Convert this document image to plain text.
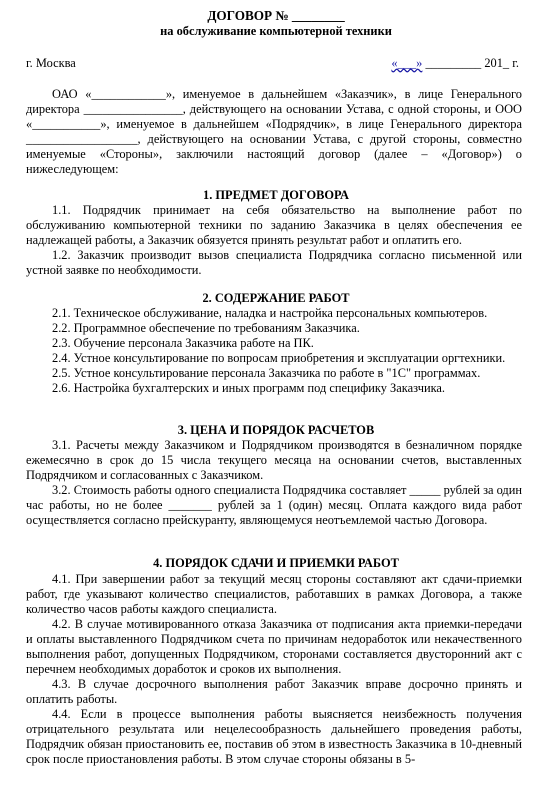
ДОГОВОР № ________
на обслуживание компьютерной техники
г. Москва	«___» _________ 201_ г.

ОАО «____________», именуемое в дальнейшем «Заказчик», в лице Генерального директора ________________, действующего на основании Устава, с одной стороны, и ООО «___________», именуемое в дальнейшем «Подрядчик», в лице Генерального директора __________________, действующего на основании Устава, с другой стороны, совместно именуемые «Стороны», заключили настоящий договор (далее – «Договор») о нижеследующем:

1. ПРЕДМЕТ ДОГОВОРА

1.1. Подрядчик принимает на себя обязательство на выполнение работ по обслуживанию компьютерной техники по заданию Заказчика в целях обеспечения ее надлежащей работы, а Заказчик обязуется принять результат работ и оплатить его.

1.2. Заказчик производит вызов специалиста Подрядчика согласно письменной или устной заявке по необходимости.

2. СОДЕРЖАНИЕ РАБОТ

2.1. Техническое обслуживание, наладка и настройка персональных компьютеров.

2.2. Программное обеспечение по требованиям Заказчика.

2.3. Обучение персонала Заказчика работе на ПК.

2.4. Устное консультирование по вопросам приобретения и эксплуатации оргтехники.

2.5. Устное консультирование персонала Заказчика по работе в "1С" программах.

2.6. Настройка бухгалтерских и иных программ под специфику Заказчика.

3. ЦЕНА И ПОРЯДОК РАСЧЕТОВ

3.1. Расчеты между Заказчиком и Подрядчиком производятся в безналичном порядке ежемесячно в срок до 15 числа текущего месяца на основании счетов, выставленных Подрядчиком и согласованных с Заказчиком.

3.2. Стоимость работы одного специалиста Подрядчика составляет _____ рублей за один час работы, но не более _______ рублей за 1 (один) месяц. Оплата каждого вида работ осуществляется согласно прейскуранту, являющемуся неотъемлемой частью Договора.

4. ПОРЯДОК СДАЧИ И ПРИЕМКИ РАБОТ

4.1. При завершении работ за текущий месяц стороны составляют акт сдачи-приемки работ, где указывают количество специалистов, работавших в рамках Договора, а также количество часов работы каждого специалиста.

4.2. В случае мотивированного отказа Заказчика от подписания акта приемки-передачи и оплаты выставленного Подрядчиком счета по причинам недоработок или некачественного выполнения работ, допущенных Подрядчиком, сторонами составляется двусторонний акт с перечнем необходимых доработок и сроков их выполнения.

4.3. В случае досрочного выполнения работ Заказчик вправе досрочно принять и оплатить работы.

4.4. Если в процессе выполнения работы выясняется неизбежность получения отрицательного результата или нецелесообразность дальнейшего проведения работы, Подрядчик обязан приостановить ее, поставив об этом в известность Заказчика в 10-дневный срок после приостановления работы. В этом случае стороны обязаны в 5-
